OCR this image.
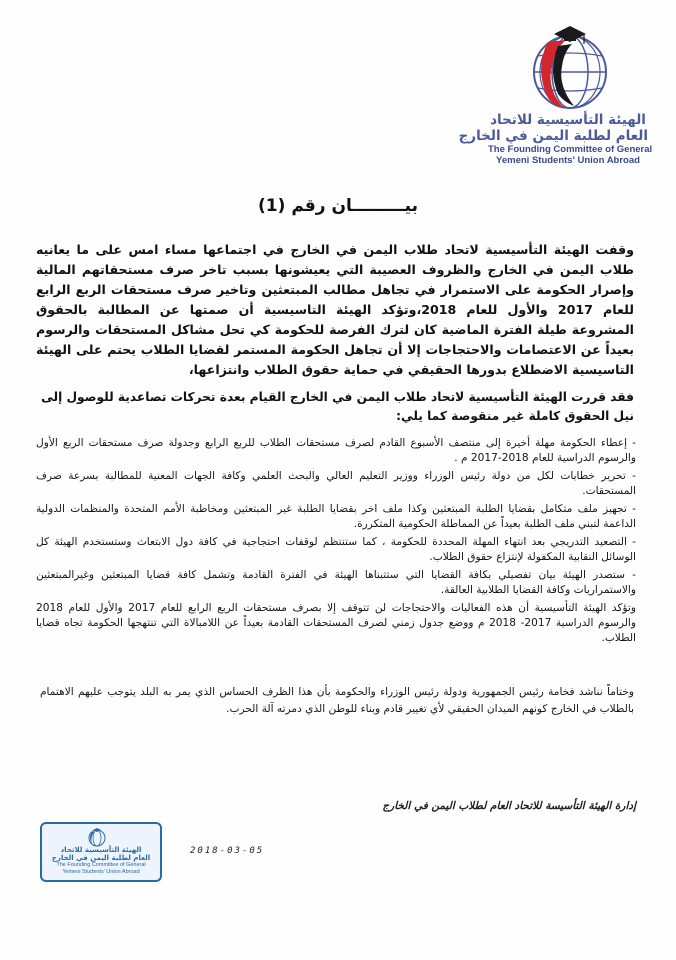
الهيئة التأسيسية للاتحاد
العام لطلبة اليمن في الخارج
The Founding Committee of General
Yemeni Students' Union Abroad
بيـــــــــان رقم (1)

وقفت الهيئة التأسيسية لاتحاد طلاب اليمن في الخارج في اجتماعها مساء امس على ما يعانيه طلاب اليمن في الخارج والظروف العصيبة التي يعيشونها بسبب تاخر صرف مستحقاتهم المالية وإصرار الحكومة على الاستمرار في تجاهل مطالب المبتعثين وتاخير صرف مستحقات الربع الرابع للعام 2017 والأول للعام 2018،وتؤكد الهيئة التاسيسية أن صمتها عن المطالبة بالحقوق المشروعة طيلة الفترة الماضية كان لترك الفرصة للحكومة كي تحل مشاكل المستحقات والرسوم بعيداً عن الاعتصامات والاحتجاجات إلا أن تجاهل الحكومة المستمر لقضايا الطلاب يحتم على الهيئة التاسيسية الاضطلاع بدورها الحقيقي في حماية حقوق الطلاب وانتزاعها،

فقد قررت الهيئة التأسيسية لاتحاد طلاب اليمن في الخارج القيام بعدة تحركات تصاعدية للوصول إلى نيل الحقوق كاملة غير منقوصة كما يلي:

- إعطاء الحكومة مهلة أخيرة إلى منتصف الأسبوع القادم لصرف مستحقات الطلاب للربع الرابع وجدولة صرف مستحقات الربع الأول والرسوم الدراسية للعام 2018-2017 م .
- تحرير خطابات لكل من دولة رئيس الوزراء ووزير التعليم العالي والبحث العلمي وكافة الجهات المعنية للمطالبة بسرعة صرف المستحقات.
- تجهيز ملف متكامل بقضايا الطلبة المبتعثين وكذا ملف اخر بقضايا الطلبة غير المبتعثين ومخاطبة الأمم المتحدة والمنظمات الدولية الداعمة لتبني ملف الطلبة بعيداً عن المماطلة الحكومية المتكررة.
- التصعيد التدريجي بعد انتهاء المهلة المحددة للحكومة ، كما ستنتظم لوقفات احتجاجية في كافة دول الابتعاث وستستخدم الهيئة كل الوسائل النقابية المكفولة لإنتزاع حقوق الطلاب.
- ستصدر الهيئة بيان تفصيلي بكافة القضايا التي ستتبناها الهيئة في الفترة القادمة وتشمل كافة قضايا المبتعثين وغيرالمبتعثين والاستمراريات وكافة القضايا الطلابية العالقة.
وتؤكد الهيئة التأسيسية أن هذه الفعاليات والاحتجاجات لن تتوقف إلا بصرف مستحقات الربع الرابع للعام 2017 والأول للعام 2018 والرسوم الدراسية 2017- 2018 م ووضع جدول زمني لصرف المستحقات القادمة بعيداً عن اللامبالاة التي تنتهجها الحكومة تجاه قضايا الطلاب.

وختاماً نناشد فخامة رئيس الجمهورية ودولة رئيس الوزراء والحكومة بأن هذا الظرف الحساس الذي يمر به البلد يتوجب عليهم الاهتمام بالطلاب في الخارج كونهم الميدان الحقيقي لأي تغيير قادم وبناء للوطن الذي دمرته آلة الحرب.

إدارة الهيئة التأسيسة للاتحاد العام لطلاب اليمن في الخارج
الهيئة التأسيسية للاتحاد
العام لطلبة اليمن في الخارج
The Founding Committee of General
Yemeni Students' Union Abroad
2018-03-05
